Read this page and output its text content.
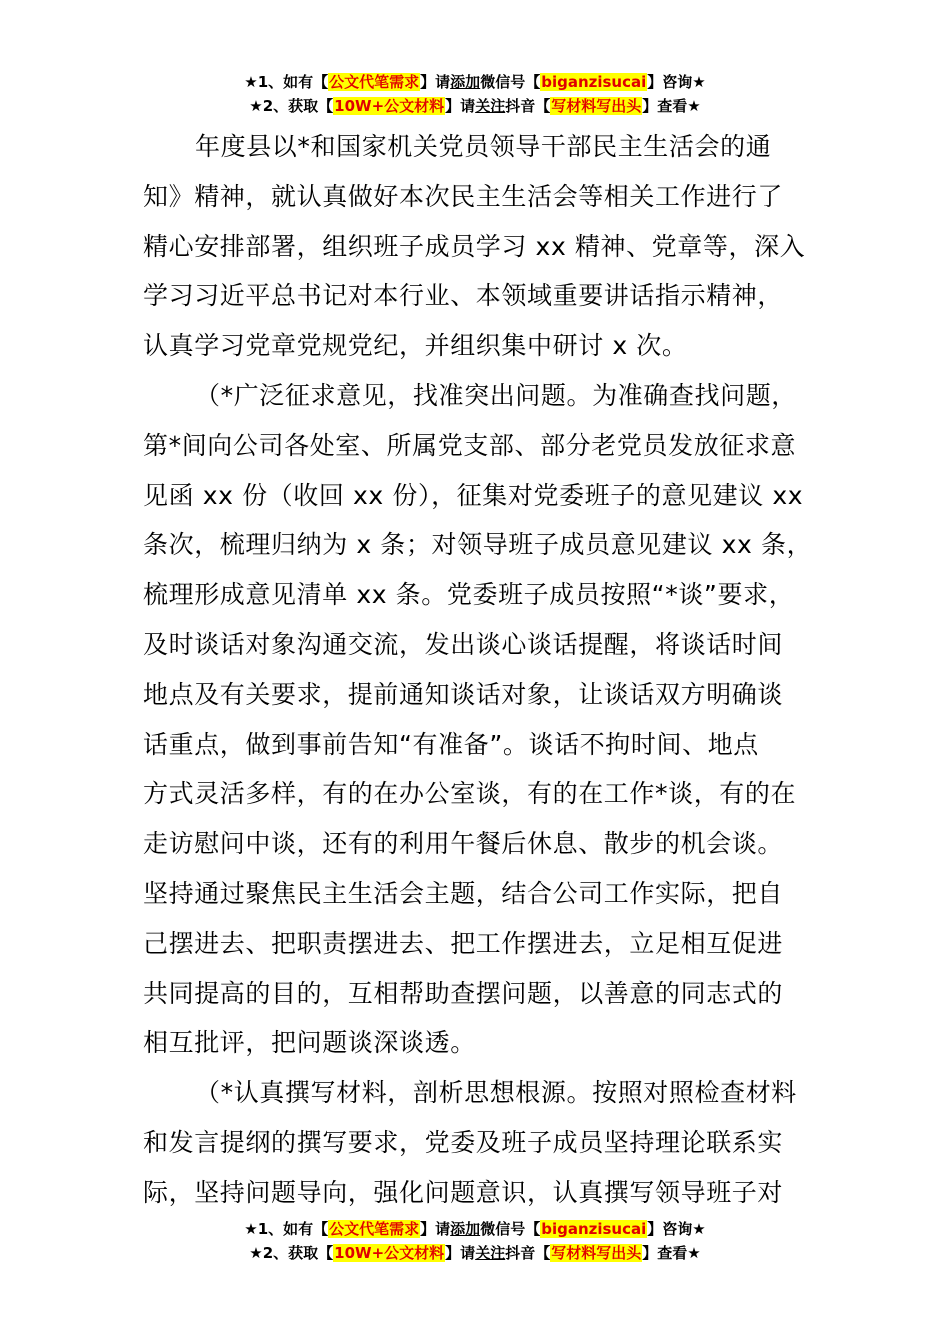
★1、如有【公文代笔需求】请添加微信号【biganzisucai】咨询★
★2、获取【10W+公文材料】请关注抖音【写材料写出头】查看★
年度县以*和国家机关党员领导干部民主生活会的通
知》精神，就认真做好本次民主生活会等相关工作进行了
精心安排部署，组织班子成员学习 xx 精神、党章等，深入
学习习近平总书记对本行业、本领域重要讲话指示精神，
认真学习党章党规党纪，并组织集中研讨 x 次。
（*广泛征求意见，找准突出问题。为准确查找问题，
第*间向公司各处室、所属党支部、部分老党员发放征求意
见函 xx 份（收回 xx 份），征集对党委班子的意见建议 xx
条次，梳理归纳为 x 条；对领导班子成员意见建议 xx 条，
梳理形成意见清单 xx 条。党委班子成员按照“*谈”要求，
及时谈话对象沟通交流，发出谈心谈话提醒，将谈话时间
地点及有关要求，提前通知谈话对象，让谈话双方明确谈
话重点，做到事前告知“有准备”。谈话不拘时间、地点
方式灵活多样，有的在办公室谈，有的在工作*谈，有的在
走访慰问中谈，还有的利用午餐后休息、散步的机会谈。
坚持通过聚焦民主生活会主题，结合公司工作实际，把自
己摆进去、把职责摆进去、把工作摆进去，立足相互促进
共同提高的目的，互相帮助查摆问题，以善意的同志式的
相互批评，把问题谈深谈透。
（*认真撰写材料，剖析思想根源。按照对照检查材料
和发言提纲的撰写要求，党委及班子成员坚持理论联系实
际，坚持问题导向，强化问题意识，认真撰写领导班子对
★1、如有【公文代笔需求】请添加微信号【biganzisucai】咨询★
★2、获取【10W+公文材料】请关注抖音【写材料写出头】查看★
